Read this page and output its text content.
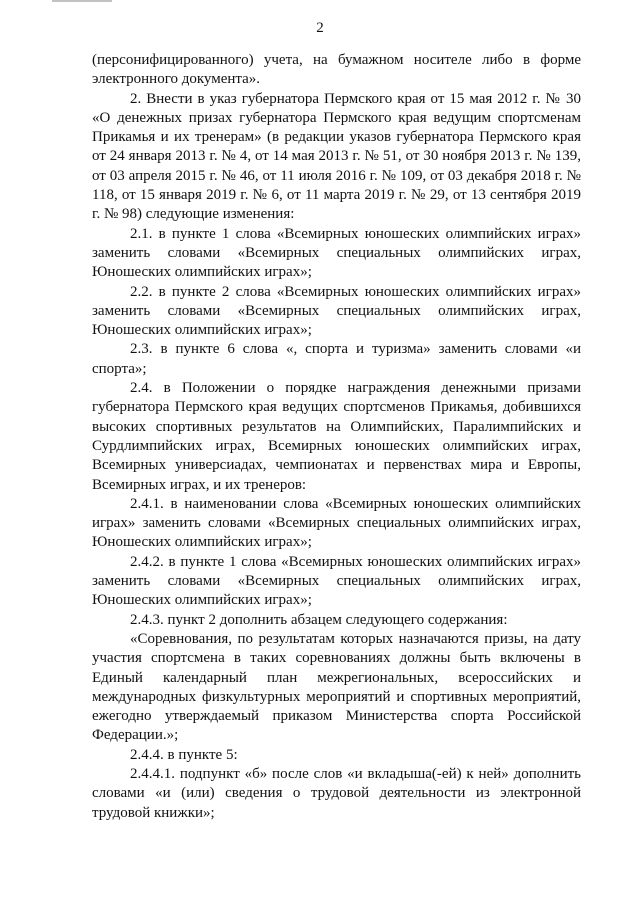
2

(персонифицированного) учета, на бумажном носителе либо в форме электронного документа».

2. Внести в указ губернатора Пермского края от 15 мая 2012 г. № 30 «О денежных призах губернатора Пермского края ведущим спортсменам Прикамья и их тренерам» (в редакции указов губернатора Пермского края от 24 января 2013 г. № 4, от 14 мая 2013 г. № 51, от 30 ноября 2013 г. № 139, от 03 апреля 2015 г. № 46, от 11 июля 2016 г. № 109, от 03 декабря 2018 г. № 118, от 15 января 2019 г. № 6, от 11 марта 2019 г. № 29, от 13 сентября 2019 г. № 98) следующие изменения:

2.1. в пункте 1 слова «Всемирных юношеских олимпийских играх» заменить словами «Всемирных специальных олимпийских играх, Юношеских олимпийских играх»;

2.2. в пункте 2 слова «Всемирных юношеских олимпийских играх» заменить словами «Всемирных специальных олимпийских играх, Юношеских олимпийских играх»;

2.3. в пункте 6 слова «, спорта и туризма» заменить словами «и спорта»;

2.4. в Положении о порядке награждения денежными призами губернатора Пермского края ведущих спортсменов Прикамья, добившихся высоких спортивных результатов на Олимпийских, Паралимпийских и Сурдлимпийских играх, Всемирных юношеских олимпийских играх, Всемирных универсиадах, чемпионатах и первенствах мира и Европы, Всемирных играх, и их тренеров:

2.4.1. в наименовании слова «Всемирных юношеских олимпийских играх» заменить словами «Всемирных специальных олимпийских играх, Юношеских олимпийских играх»;

2.4.2. в пункте 1 слова «Всемирных юношеских олимпийских играх» заменить словами «Всемирных специальных олимпийских играх, Юношеских олимпийских играх»;

2.4.3. пункт 2 дополнить абзацем следующего содержания:

«Соревнования, по результатам которых назначаются призы, на дату участия спортсмена в таких соревнованиях должны быть включены в Единый календарный план межрегиональных, всероссийских и международных физкультурных мероприятий и спортивных мероприятий, ежегодно утверждаемый приказом Министерства спорта Российской Федерации.»;

2.4.4. в пункте 5:

2.4.4.1. подпункт «б» после слов «и вкладыша(-ей) к ней» дополнить словами «и (или) сведения о трудовой деятельности из электронной трудовой книжки»;
